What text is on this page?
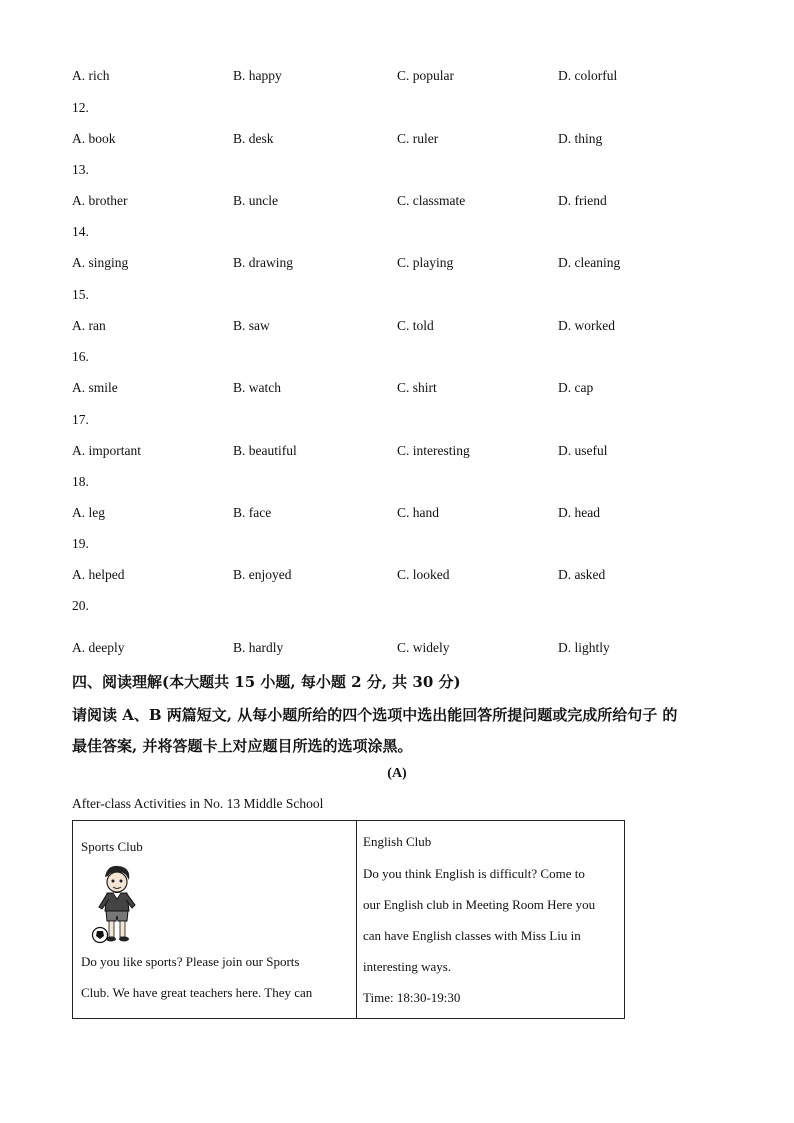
A. rich	B. happy	C. popular	D. colorful
12.
A. book	B. desk	C. ruler	D. thing
13.
A. brother	B. uncle	C. classmate	D. friend
14.
A. singing	B. drawing	C. playing	D. cleaning
15.
A. ran	B. saw	C. told	D. worked
16.
A. smile	B. watch	C. shirt	D. cap
17.
A. important	B. beautiful	C. interesting	D. useful
18.
A. leg	B. face	C. hand	D. head
19.
A. helped	B. enjoyed	C. looked	D. asked
20.
A. deeply	B. hardly	C. widely	D. lightly
四、阅读理解(本大题共 15 小题, 每小题 2 分, 共 30 分)
请阅读 A、B 两篇短文, 从每小题所给的四个选项中选出能回答所提问题或完成所给句子 的
最佳答案, 并将答题卡上对应题目所选的选项涂黑。
(A)
After-class Activities in No. 13 Middle School
Sports Club
Do you like sports? Please join our Sports
Club. We have great teachers here. They can

English Club
Do you think English is difficult? Come to
our English club in Meeting Room Here you
can have English classes with Miss Liu in
interesting ways.
Time: 18:30-19:30
